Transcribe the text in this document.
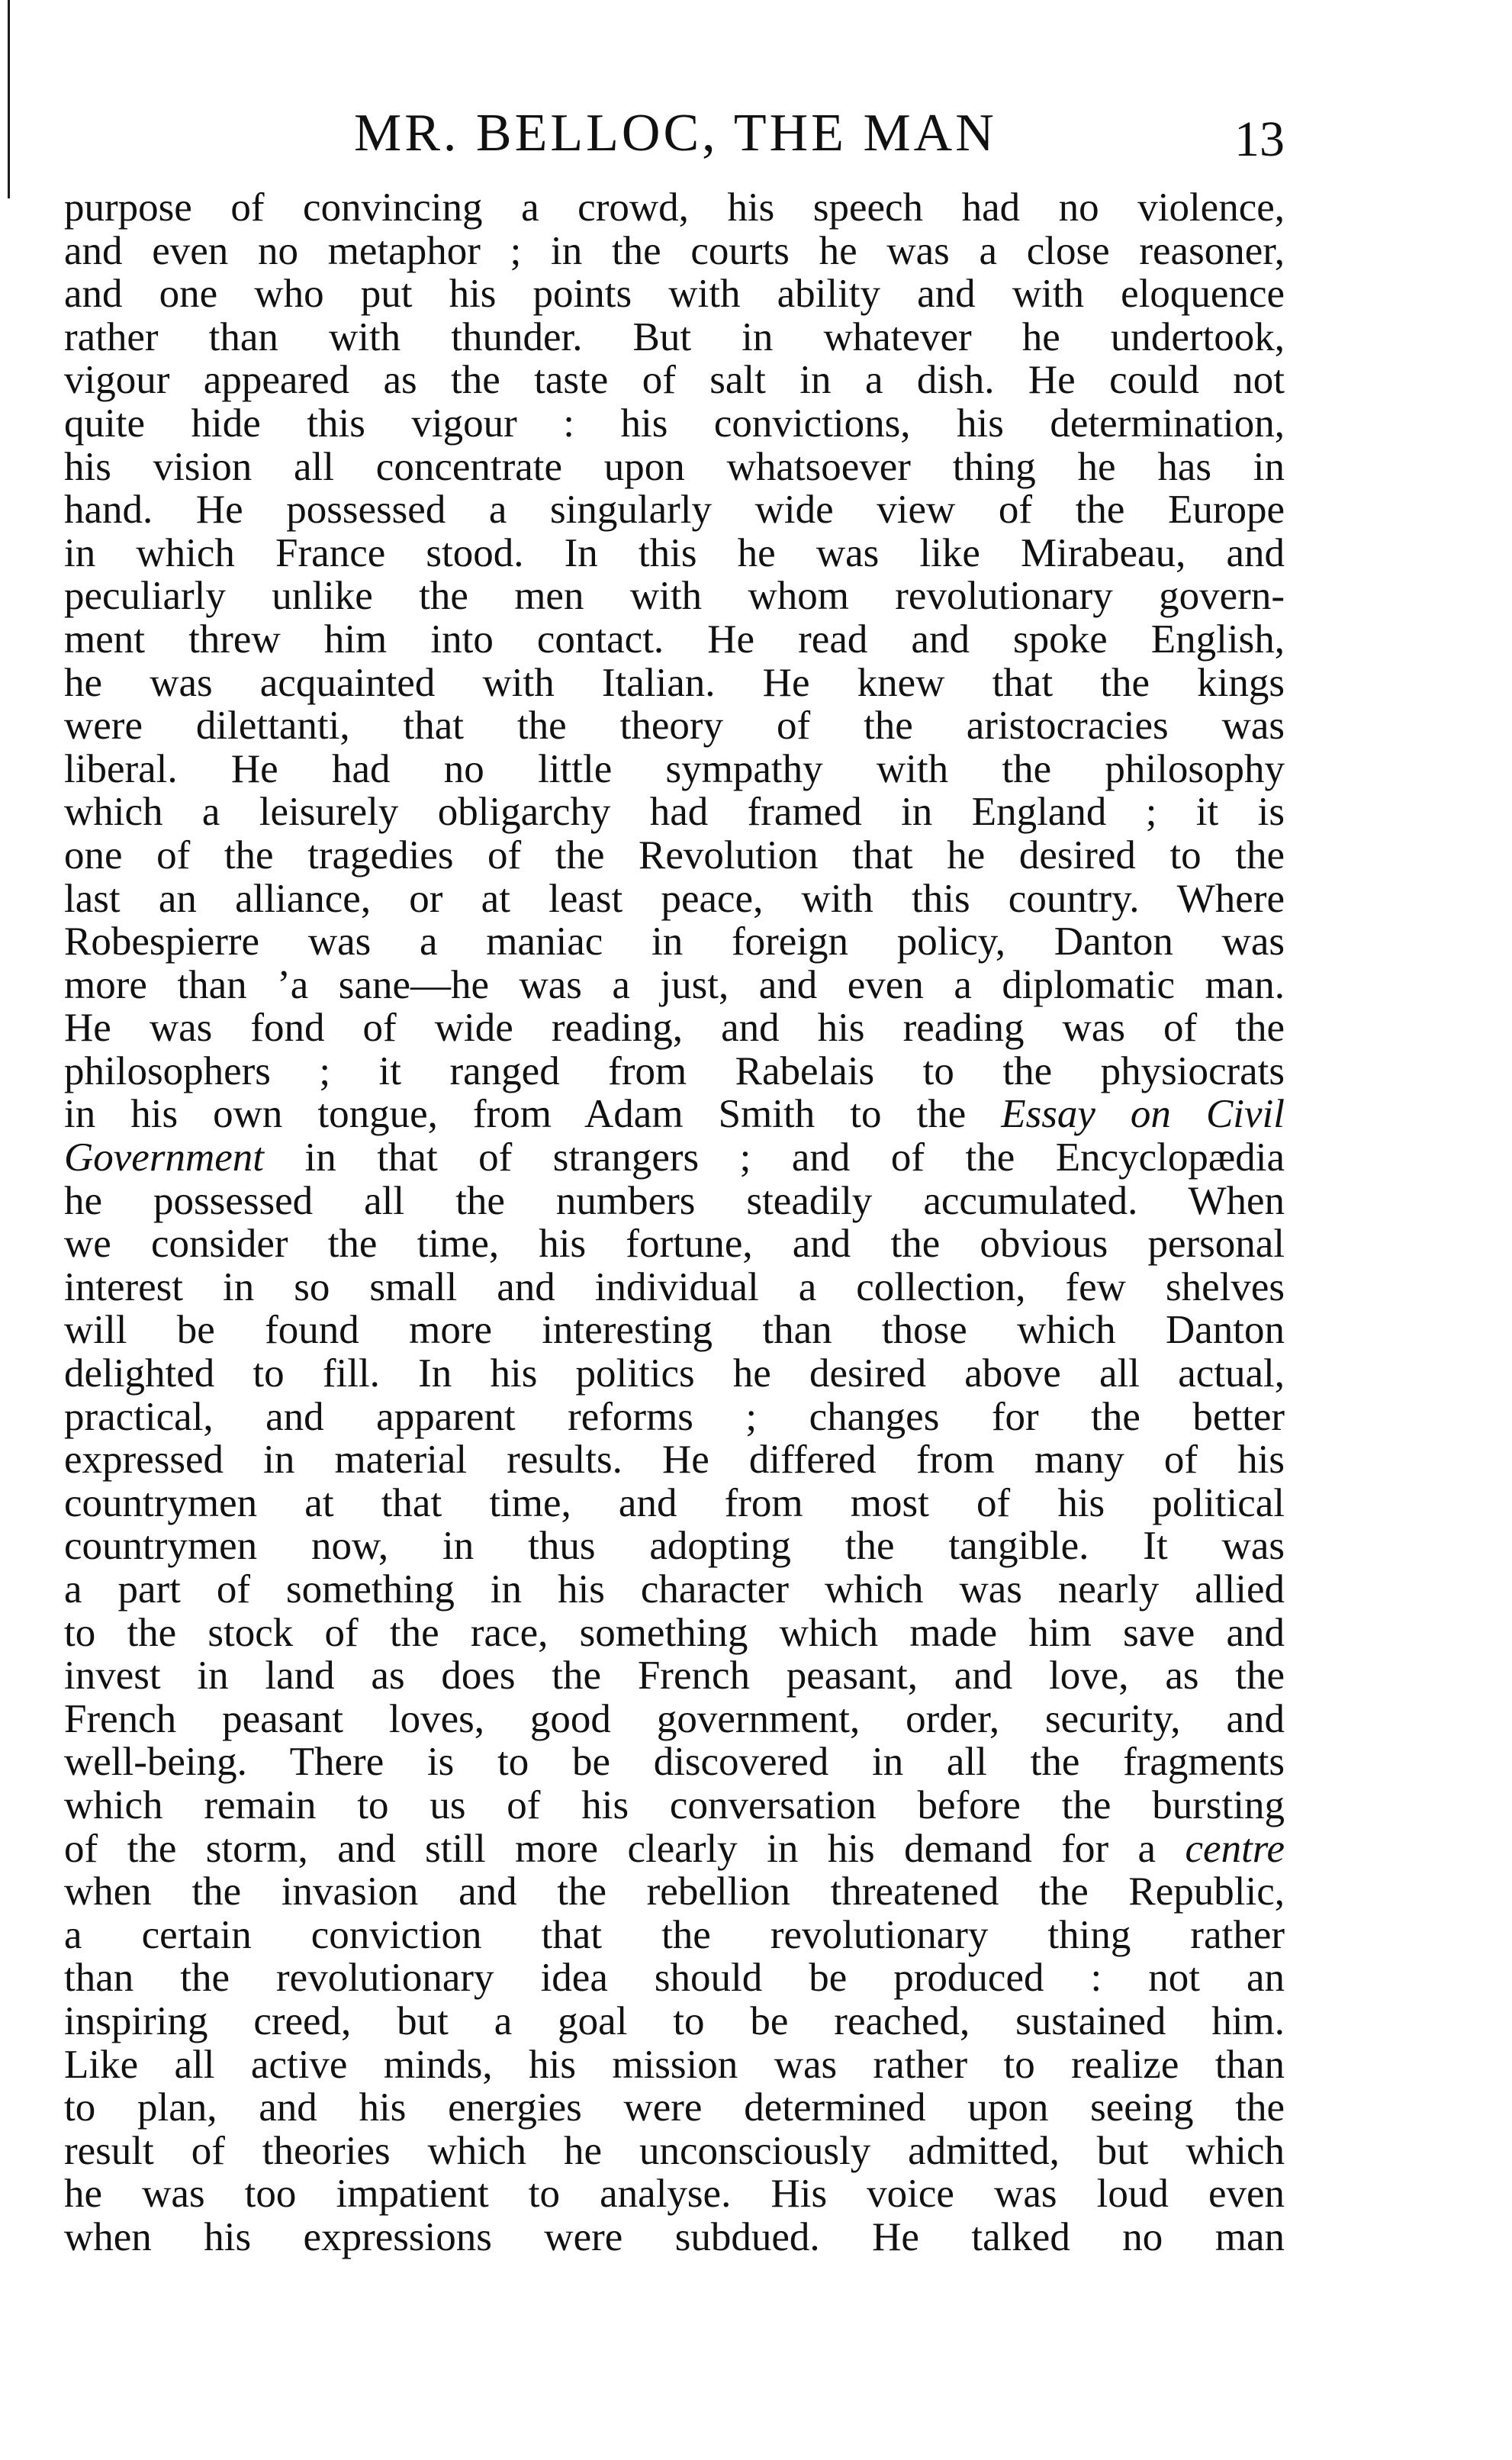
MR. BELLOC, THE MAN	13
purpose of convincing a crowd, his speech had no violence,
and even no metaphor ; in the courts he was a close reasoner,
and one who put his points with ability and with eloquence
rather than with thunder. But in whatever he undertook,
vigour appeared as the taste of salt in a dish. He could not
quite hide this vigour : his convictions, his determination,
his vision all concentrate upon whatsoever thing he has in
hand. He possessed a singularly wide view of the Europe
in which France stood. In this he was like Mirabeau, and
peculiarly unlike the men with whom revolutionary govern-
ment threw him into contact. He read and spoke English,
he was acquainted with Italian. He knew that the kings
were dilettanti, that the theory of the aristocracies was
liberal. He had no little sympathy with the philosophy
which a leisurely obligarchy had framed in England ; it is
one of the tragedies of the Revolution that he desired to the
last an alliance, or at least peace, with this country. Where
Robespierre was a maniac in foreign policy, Danton was
more than ’a sane—he was a just, and even a diplomatic man.
He was fond of wide reading, and his reading was of the
philosophers ; it ranged from Rabelais to the physiocrats
in his own tongue, from Adam Smith to the Essay on Civil
Government in that of strangers ; and of the Encyclopædia
he possessed all the numbers steadily accumulated. When
we consider the time, his fortune, and the obvious personal
interest in so small and individual a collection, few shelves
will be found more interesting than those which Danton
delighted to fill. In his politics he desired above all actual,
practical, and apparent reforms ; changes for the better
expressed in material results. He differed from many of his
countrymen at that time, and from most of his political
countrymen now, in thus adopting the tangible. It was
a part of something in his character which was nearly allied
to the stock of the race, something which made him save and
invest in land as does the French peasant, and love, as the
French peasant loves, good government, order, security, and
well-being. There is to be discovered in all the fragments
which remain to us of his conversation before the bursting
of the storm, and still more clearly in his demand for a centre
when the invasion and the rebellion threatened the Republic,
a certain conviction that the revolutionary thing rather
than the revolutionary idea should be produced : not an
inspiring creed, but a goal to be reached, sustained him.
Like all active minds, his mission was rather to realize than
to plan, and his energies were determined upon seeing the
result of theories which he unconsciously admitted, but which
he was too impatient to analyse. His voice was loud even
when his expressions were subdued. He talked no man
